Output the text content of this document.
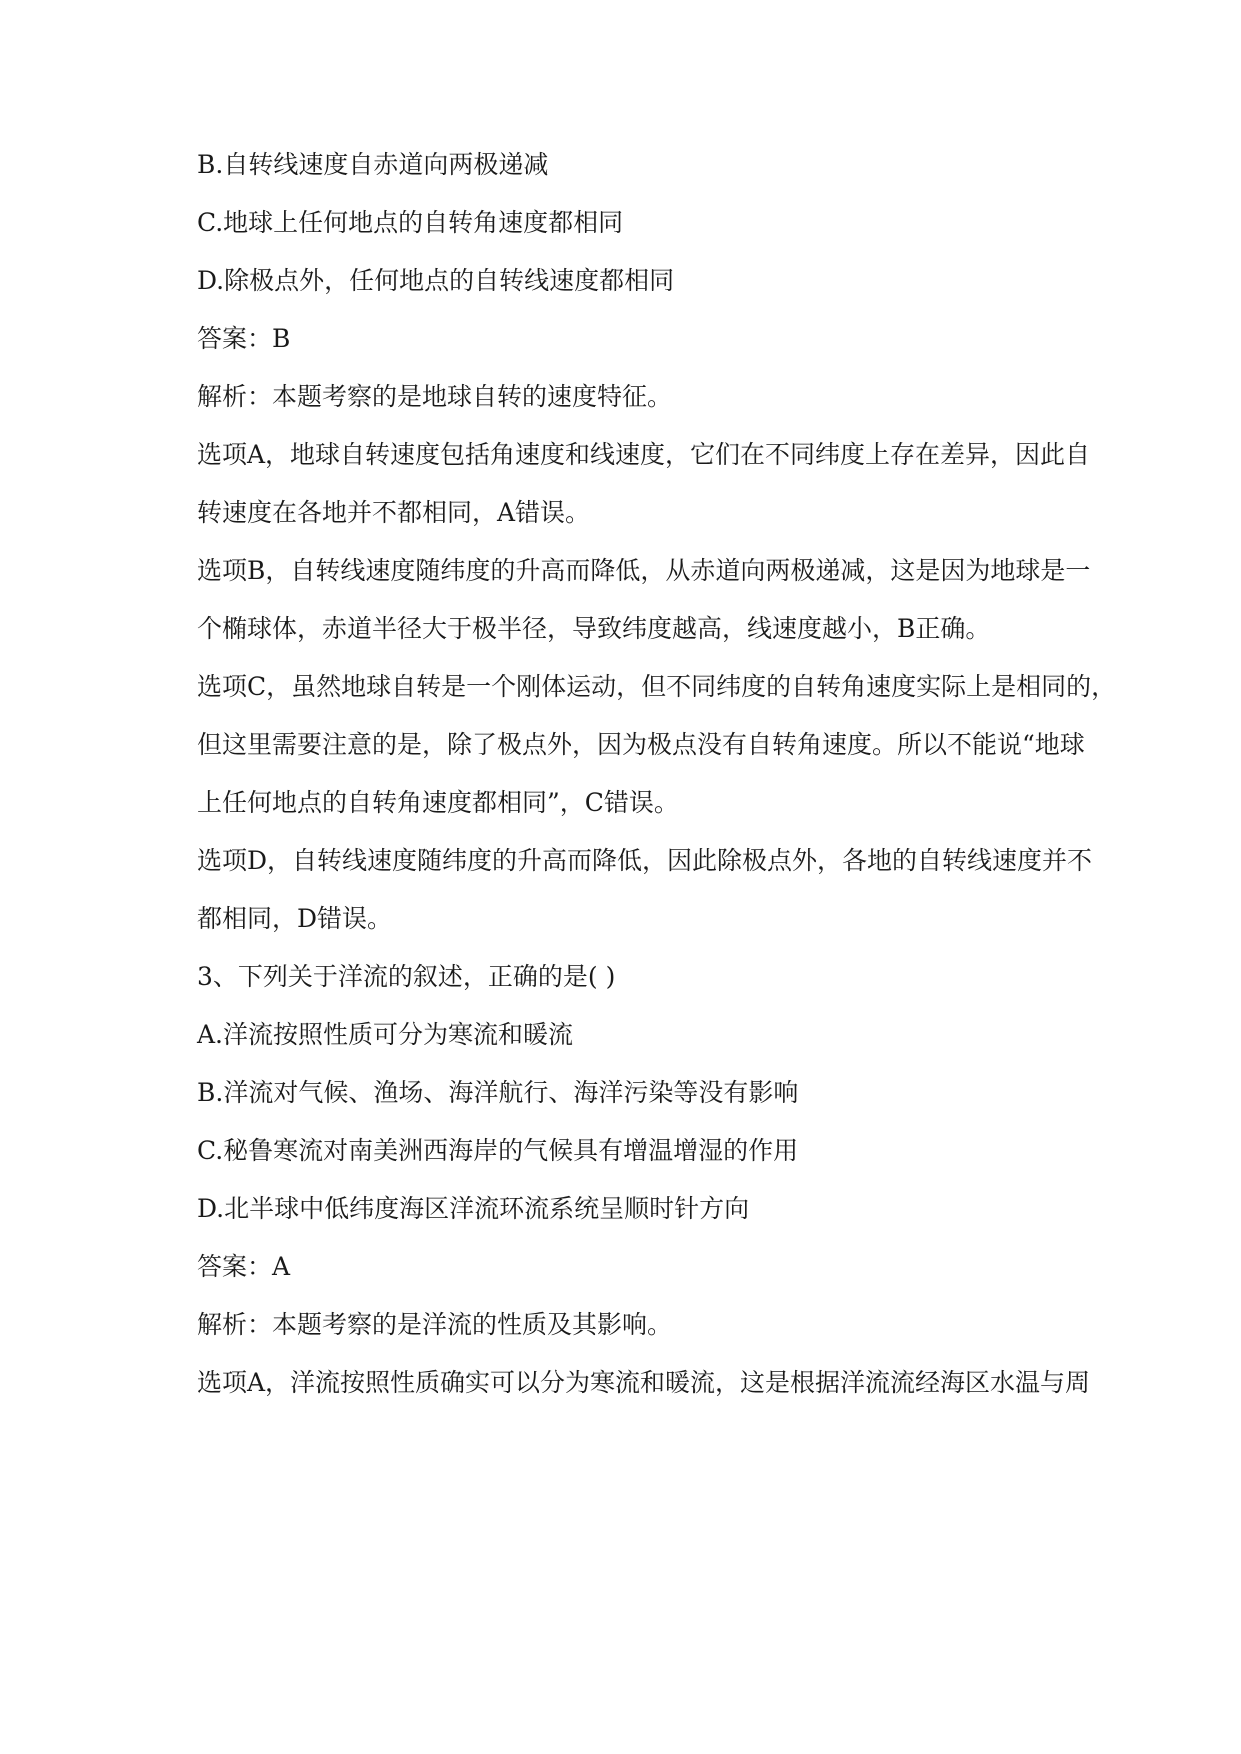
B.自转线速度自赤道向两极递减
C.地球上任何地点的自转角速度都相同
D.除极点外，任何地点的自转线速度都相同
答案：B
解析：本题考察的是地球自转的速度特征。
选项A，地球自转速度包括角速度和线速度，它们在不同纬度上存在差异，因此自
转速度在各地并不都相同，A错误。
选项B，自转线速度随纬度的升高而降低，从赤道向两极递减，这是因为地球是一
个椭球体，赤道半径大于极半径，导致纬度越高，线速度越小，B正确。
选项C，虽然地球自转是一个刚体运动，但不同纬度的自转角速度实际上是相同的，
但这里需要注意的是，除了极点外，因为极点没有自转角速度。所以不能说“地球
上任何地点的自转角速度都相同”，C错误。
选项D，自转线速度随纬度的升高而降低，因此除极点外，各地的自转线速度并不
都相同，D错误。
3、下列关于洋流的叙述，正确的是( )
A.洋流按照性质可分为寒流和暖流
B.洋流对气候、渔场、海洋航行、海洋污染等没有影响
C.秘鲁寒流对南美洲西海岸的气候具有增温增湿的作用
D.北半球中低纬度海区洋流环流系统呈顺时针方向
答案：A
解析：本题考察的是洋流的性质及其影响。
选项A，洋流按照性质确实可以分为寒流和暖流，这是根据洋流流经海区水温与周
